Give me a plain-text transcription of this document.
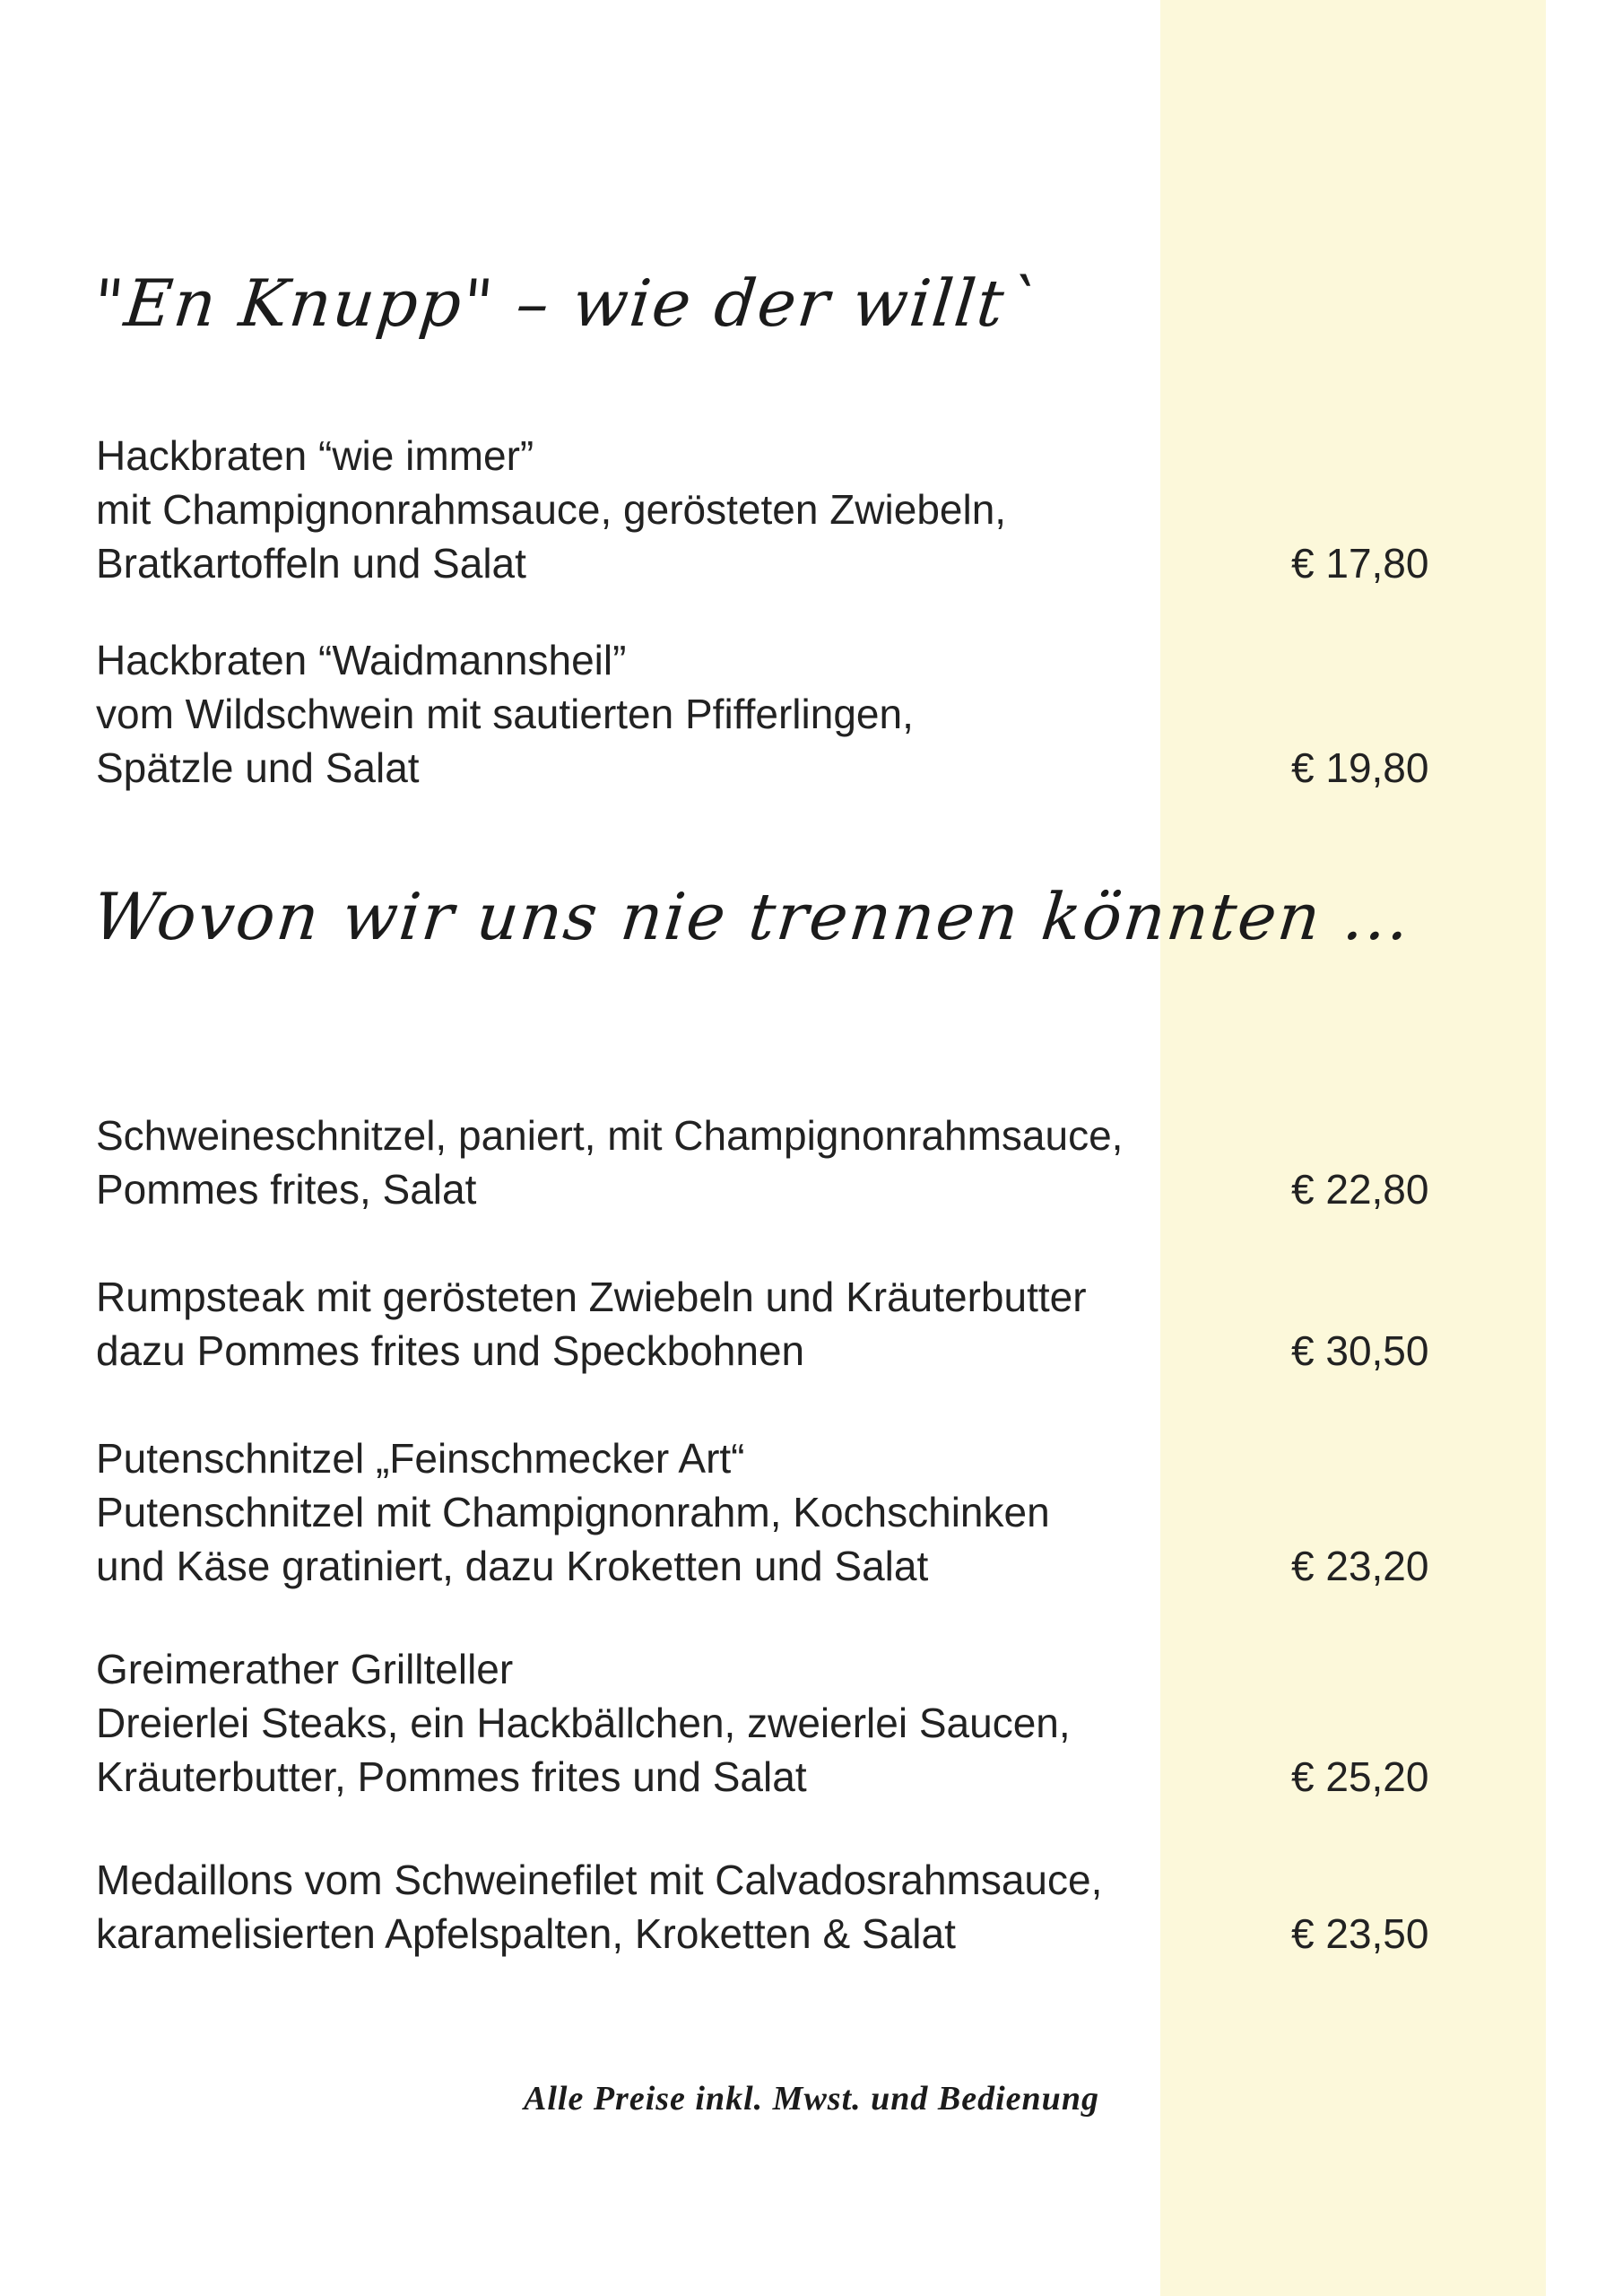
"En Knupp" – wie der willt`
Hackbraten “wie immer”
mit Champignonrahmsauce, gerösteten Zwiebeln,
Bratkartoffeln und Salat	€ 17,80
Hackbraten “Waidmannsheil”
vom Wildschwein mit sautierten Pfifferlingen,
Spätzle und Salat	€ 19,80
Wovon wir uns nie trennen könnten ...
Schweineschnitzel, paniert, mit Champignonrahmsauce,
Pommes frites, Salat	€ 22,80
Rumpsteak mit gerösteten Zwiebeln und Kräuterbutter
dazu Pommes frites und Speckbohnen	€ 30,50
Putenschnitzel „Feinschmecker Art“
Putenschnitzel mit Champignonrahm, Kochschinken
und Käse gratiniert, dazu Kroketten und Salat	€ 23,20
Greimerather Grillteller
Dreierlei Steaks, ein Hackbällchen, zweierlei Saucen,
Kräuterbutter, Pommes frites und Salat	€ 25,20
Medaillons vom Schweinefilet mit Calvadosrahmsauce,
karamelisierten Apfelspalten, Kroketten & Salat	€ 23,50
Alle Preise inkl. Mwst. und Bedienung
